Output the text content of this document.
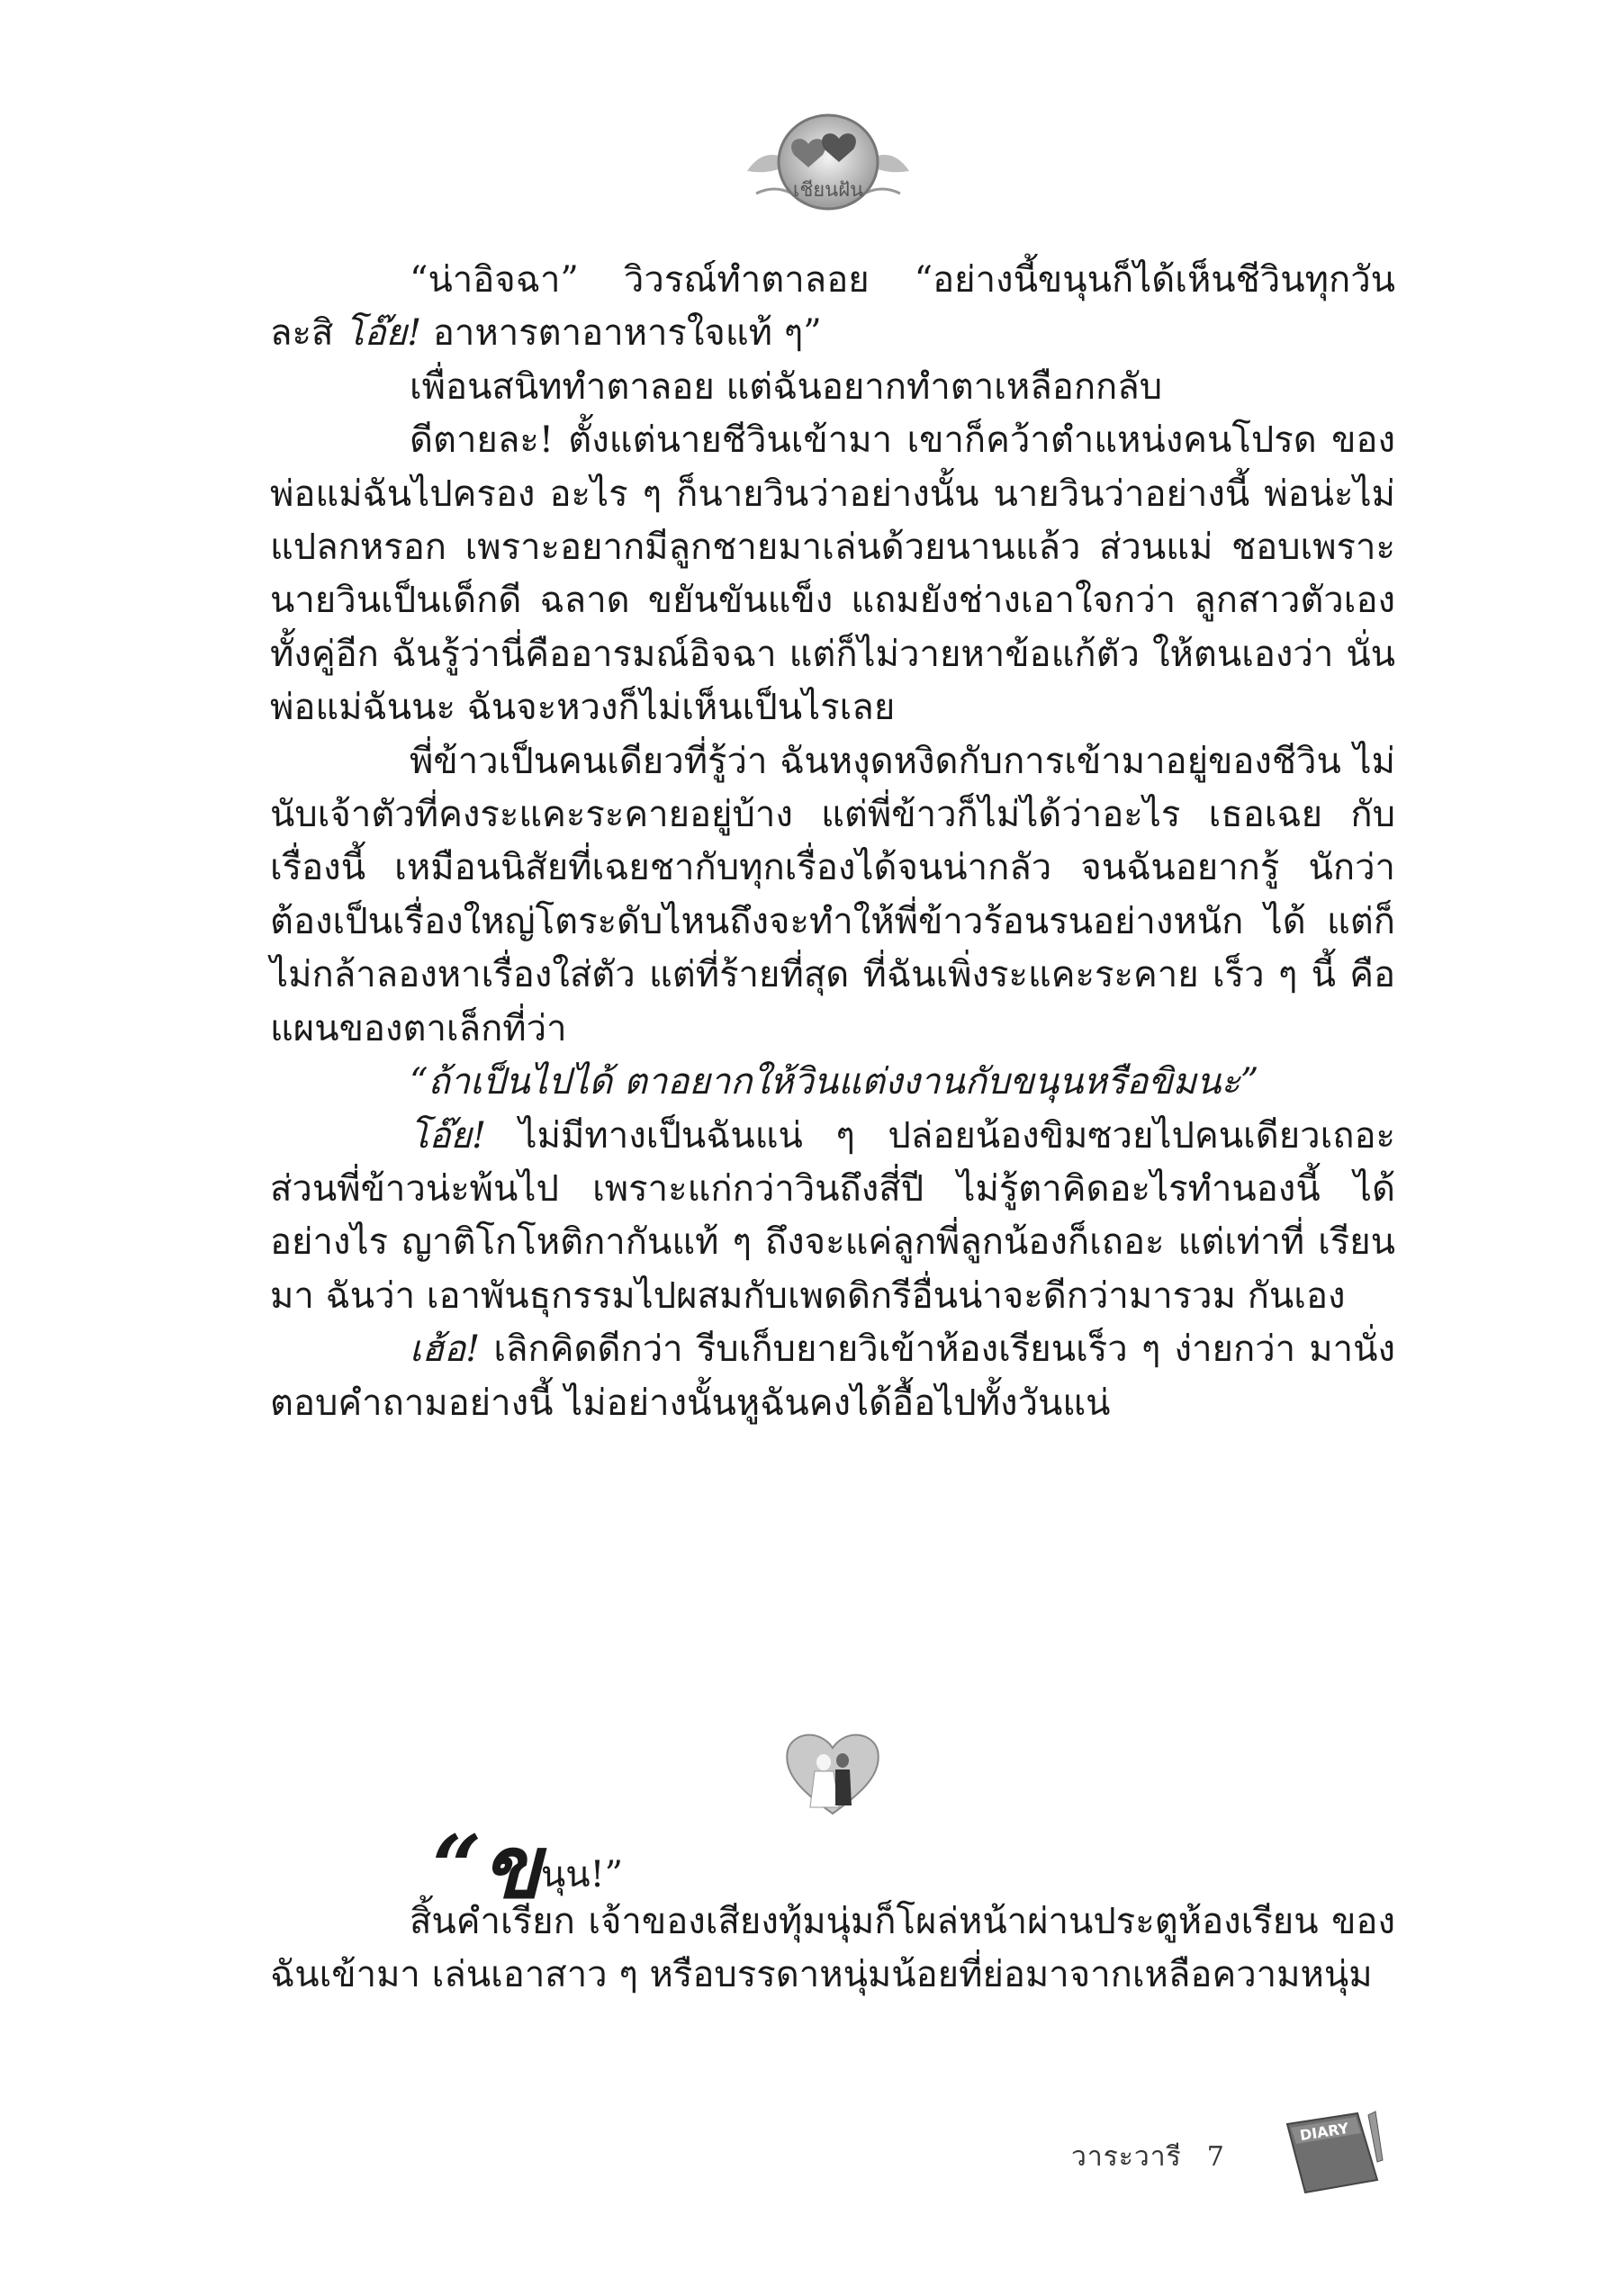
เชียนฝัน

“น่าอิจฉา” วิวรณ์ทำตาลอย “อย่างนี้ขนุนก็ได้เห็นชีวินทุกวัน ละสิ โอ๊ย! อาหารตาอาหารใจแท้ ๆ”

เพื่อนสนิททำตาลอย แต่ฉันอยากทำตาเหลือกกลับ

ดีตายละ! ตั้งแต่นายชีวินเข้ามา เขาก็คว้าตำแหน่งคนโปรด ของพ่อแม่ฉันไปครอง อะไร ๆ ก็นายวินว่าอย่างนั้น นายวินว่าอย่างนี้ พ่อน่ะไม่แปลกหรอก เพราะอยากมีลูกชายมาเล่นด้วยนานแล้ว ส่วนแม่ ชอบเพราะนายวินเป็นเด็กดี ฉลาด ขยันขันแข็ง แถมยังช่างเอาใจกว่า ลูกสาวตัวเองทั้งคู่อีก ฉันรู้ว่านี่คืออารมณ์อิจฉา แต่ก็ไม่วายหาข้อแก้ตัว ให้ตนเองว่า นั่นพ่อแม่ฉันนะ ฉันจะหวงก็ไม่เห็นเป็นไรเลย

พี่ข้าวเป็นคนเดียวที่รู้ว่า ฉันหงุดหงิดกับการเข้ามาอยู่ของชีวิน ไม่นับเจ้าตัวที่คงระแคะระคายอยู่บ้าง แต่พี่ข้าวก็ไม่ได้ว่าอะไร เธอเฉย กับเรื่องนี้ เหมือนนิสัยที่เฉยชากับทุกเรื่องได้จนน่ากลัว จนฉันอยากรู้ นักว่า ต้องเป็นเรื่องใหญ่โตระดับไหนถึงจะทำให้พี่ข้าวร้อนรนอย่างหนัก ได้ แต่ก็ไม่กล้าลองหาเรื่องใส่ตัว แต่ที่ร้ายที่สุด ที่ฉันเพิ่งระแคะระคาย เร็ว ๆ นี้ คือแผนของตาเล็กที่ว่า

“ถ้าเป็นไปได้ ตาอยากให้วินแต่งงานกับขนุนหรือขิมนะ”

โอ๊ย! ไม่มีทางเป็นฉันแน่ ๆ ปล่อยน้องขิมซวยไปคนเดียวเถอะ ส่วนพี่ข้าวน่ะพ้นไป เพราะแก่กว่าวินถึงสี่ปี ไม่รู้ตาคิดอะไรทำนองนี้ ได้อย่างไร ญาติโกโหติกากันแท้ ๆ ถึงจะแค่ลูกพี่ลูกน้องก็เถอะ แต่เท่าที่ เรียนมา ฉันว่า เอาพันธุกรรมไปผสมกับเพดดิกรีอื่นน่าจะดีกว่ามารวม กันเอง

เฮ้อ! เลิกคิดดีกว่า รีบเก็บยายวิเข้าห้องเรียนเร็ว ๆ ง่ายกว่า มานั่งตอบคำถามอย่างนี้ ไม่อย่างนั้นหูฉันคงได้อื้อไปทั้งวันแน่

“ขนุน!”

สิ้นคำเรียก เจ้าของเสียงทุ้มนุ่มก็โผล่หน้าผ่านประตูห้องเรียน ของฉันเข้ามา เล่นเอาสาว ๆ หรือบรรดาหนุ่มน้อยที่ย่อมาจากเหลือความหนุ่ม

วาระวารี 7
DIARY
